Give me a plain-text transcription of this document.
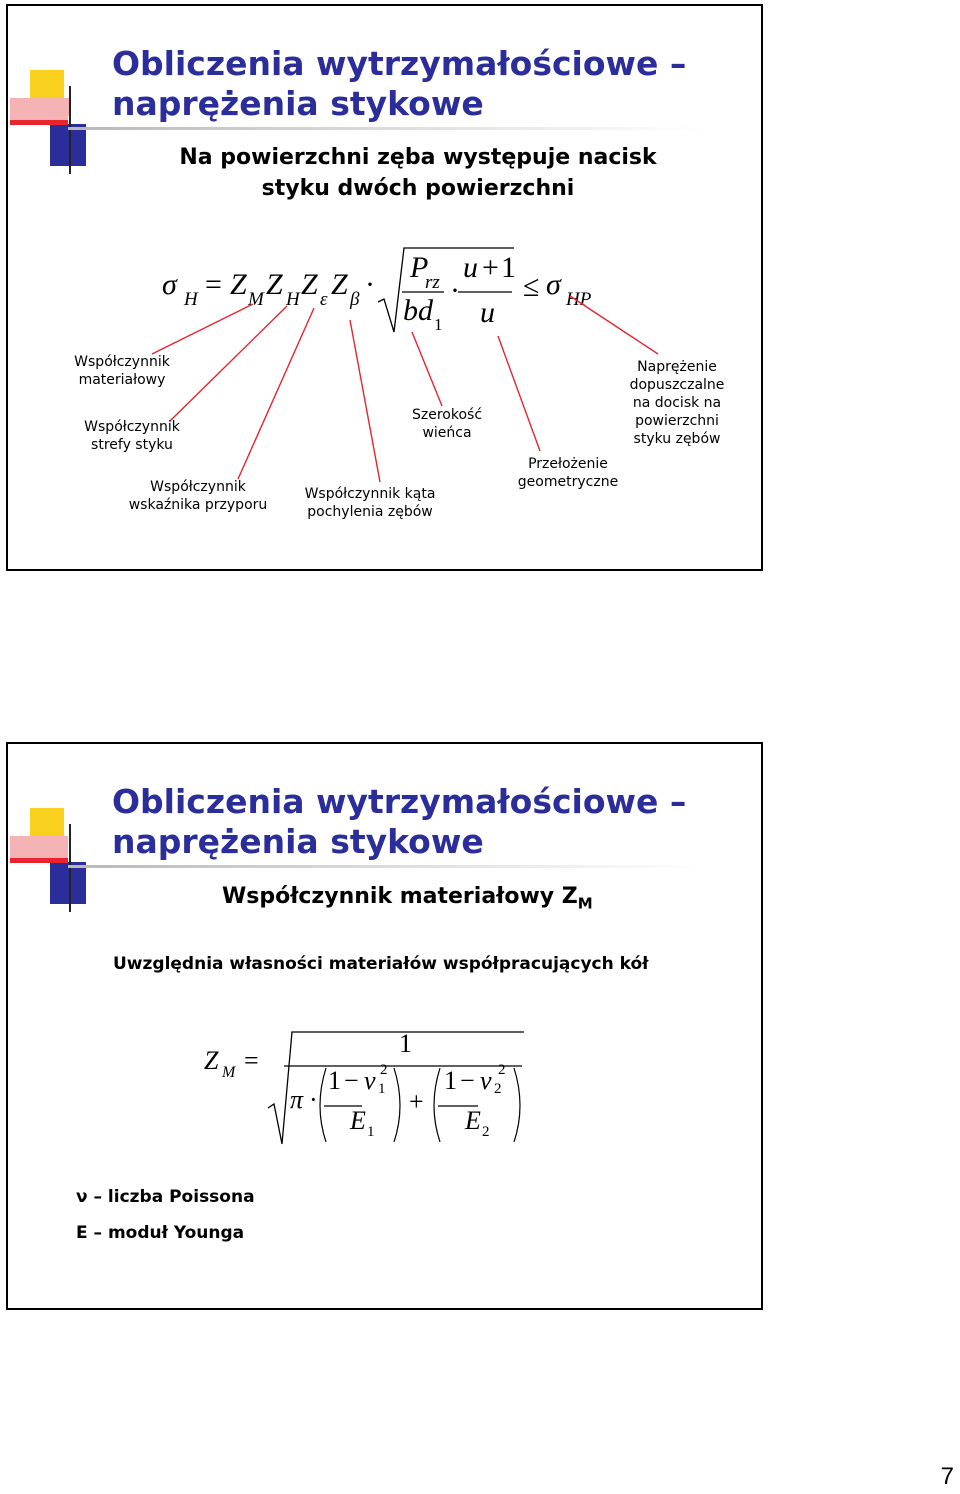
Obliczenia wytrzymałościowe –
naprężenia stykowe
Na powierzchni zęba występuje nacisk
styku dwóch powierzchni
σ H = Z M Z H Z ε Z β ·
P
rz
b d 1
·
u + 1
u
≤ σ HP
Współczynnik
materiałowy
Współczynnik
strefy styku
Współczynnik
wskaźnika przyporu
Współczynnik kąta
pochylenia zębów
Szerokość
wieńca
Przełożenie
geometryczne
Naprężenie
dopuszczalne
na docisk na
powierzchni
styku zębów
Obliczenia wytrzymałościowe –
naprężenia stykowe
Współczynnik materiałowy $Z_M$
Uwzględnia własności materiałów współpracujących kół
Z M =
1
π ·
1 − ν 1
2
E 1
+
1 − ν 2
2
E 2
ν – liczba Poissona
E – moduł Younga
7
